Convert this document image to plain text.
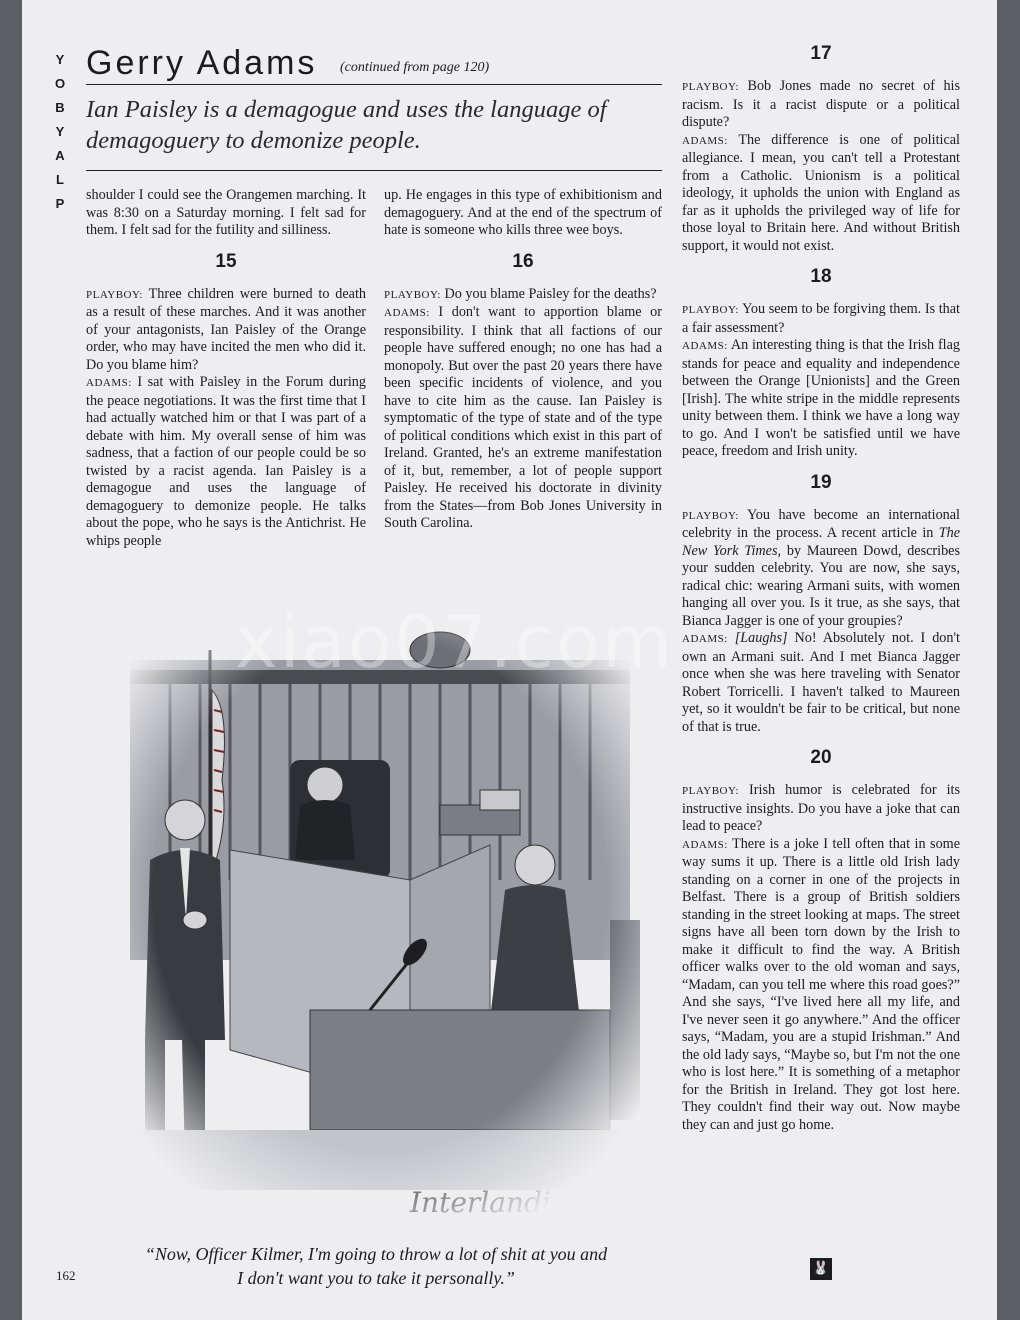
Y
O
B
Y
A
L
P
Gerry Adams (continued from page 120)
Ian Paisley is a demagogue and uses the language of demagoguery to demonize people.

shoulder I could see the Orangemen marching. It was 8:30 on a Saturday morning. I felt sad for them. I felt sad for the futility and silliness.

15

PLAYBOY: Three children were burned to death as a result of these marches. And it was another of your antagonists, Ian Paisley of the Orange order, who may have incited the men who did it. Do you blame him?

ADAMS: I sat with Paisley in the Forum during the peace negotiations. It was the first time that I had actually watched him or that I was part of a debate with him. My overall sense of him was sadness, that a faction of our people could be so twisted by a racist agenda. Ian Paisley is a demagogue and uses the language of demagoguery to demonize people. He talks about the pope, who he says is the Antichrist. He whips people

up. He engages in this type of exhibitionism and demagoguery. And at the end of the spectrum of hate is someone who kills three wee boys.

16

PLAYBOY: Do you blame Paisley for the deaths?

ADAMS: I don't want to apportion blame or responsibility. I think that all factions of our people have suffered enough; no one has had a monopoly. But over the past 20 years there have been specific incidents of violence, and you have to cite him as the cause. Ian Paisley is symptomatic of the type of state and of the type of political conditions which exist in this part of Ireland. Granted, he's an extreme manifestation of it, but, remember, a lot of people support Paisley. He received his doctorate in divinity from the States—from Bob Jones University in South Carolina.

17

PLAYBOY: Bob Jones made no secret of his racism. Is it a racist dispute or a political dispute?

ADAMS: The difference is one of political allegiance. I mean, you can't tell a Protestant from a Catholic. Unionism is a political ideology, it upholds the union with England as far as it upholds the privileged way of life for those loyal to Britain here. And without British support, it would not exist.

18

PLAYBOY: You seem to be forgiving them. Is that a fair assessment?

ADAMS: An interesting thing is that the Irish flag stands for peace and equality and independence between the Orange [Unionists] and the Green [Irish]. The white stripe in the middle represents unity between them. I think we have a long way to go. And I won't be satisfied until we have peace, freedom and Irish unity.

19

PLAYBOY: You have become an international celebrity in the process. A recent article in The New York Times, by Maureen Dowd, describes your sudden celebrity. You are now, she says, radical chic: wearing Armani suits, with women hanging all over you. Is it true, as she says, that Bianca Jagger is one of your groupies?

ADAMS: [Laughs] No! Absolutely not. I don't own an Armani suit. And I met Bianca Jagger once when she was here traveling with Senator Robert Torricelli. I haven't talked to Maureen yet, so it wouldn't be fair to be critical, but none of that is true.

20

PLAYBOY: Irish humor is celebrated for its instructive insights. Do you have a joke that can lead to peace?

ADAMS: There is a joke I tell often that in some way sums it up. There is a little old Irish lady standing on a corner in one of the projects in Belfast. There is a group of British soldiers standing in the street looking at maps. The street signs have all been torn down by the Irish to make it difficult to find the way. A British officer walks over to the old woman and says, “Madam, can you tell me where this road goes?” And she says, “I've lived here all my life, and I've never seen it go anywhere.” And the officer says, “Madam, you are a stupid Irishman.” And the old lady says, “Maybe so, but I'm not the one who is lost here.” It is something of a metaphor for the British in Ireland. They got lost here. They couldn't find their way out. Now maybe they can and just go home.

xiao07.com
“Now, Officer Kilmer, I'm going to throw a lot of shit at you and
I don't want you to take it personally.”
162	🐰
